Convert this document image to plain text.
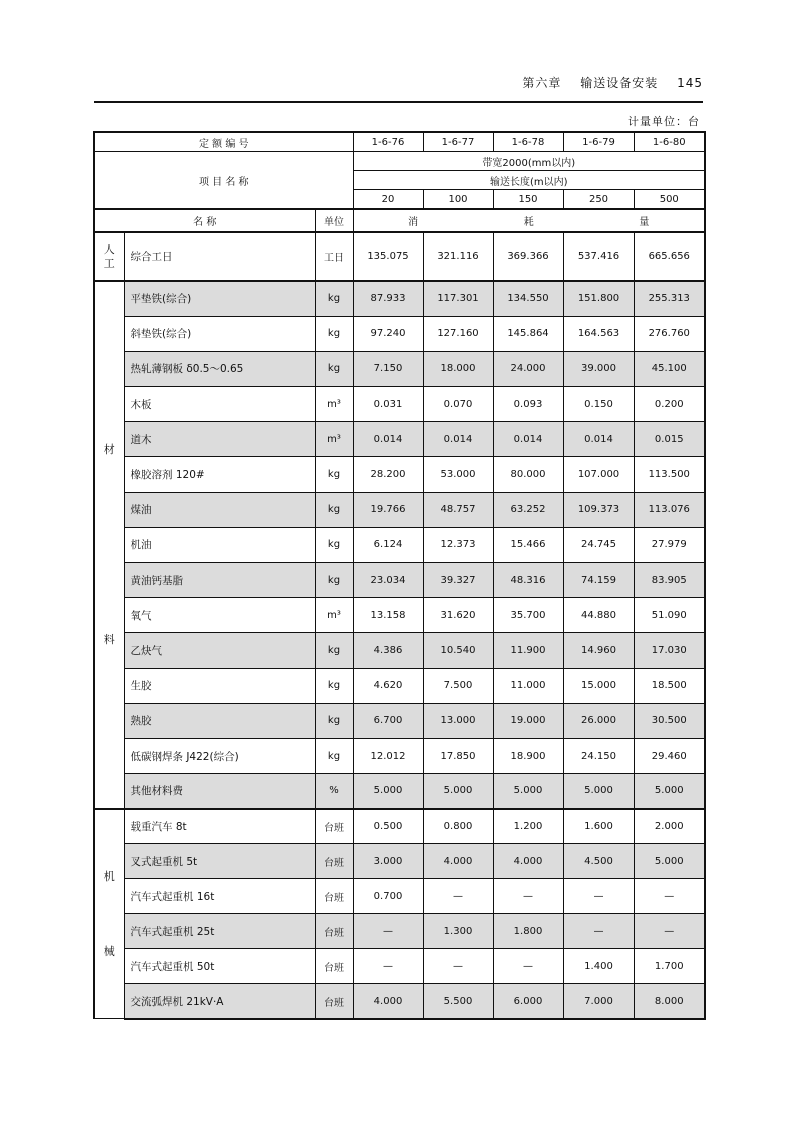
第六章 输送设备安装 145
计量单位：台
定 额 编 号			1-6-76	1-6-77	1-6-78	1-6-79	1-6-80
项 目 名 称			带宽2000(mm以内)				
			输送长度(m以内)				
			20	100	150	250	500
名 称		单位	消 耗 量				
人工	综合工日	工日	135.075	321.116	369.366	537.416	665.656

材
料	平垫铁(综合)	kg	87.933	117.301	134.550	151.800	255.313
	斜垫铁(综合)	kg	97.240	127.160	145.864	164.563	276.760
	热轧薄钢板 δ0.5～0.65	kg	7.150	18.000	24.000	39.000	45.100
	木板	m³	0.031	0.070	0.093	0.150	0.200
	道木	m³	0.014	0.014	0.014	0.014	0.015
	橡胶溶剂 120#	kg	28.200	53.000	80.000	107.000	113.500
	煤油	kg	19.766	48.757	63.252	109.373	113.076
	机油	kg	6.124	12.373	15.466	24.745	27.979
	黄油钙基脂	kg	23.034	39.327	48.316	74.159	83.905
	氧气	m³	13.158	31.620	35.700	44.880	51.090
	乙炔气	kg	4.386	10.540	11.900	14.960	17.030
	生胶	kg	4.620	7.500	11.000	15.000	18.500
	熟胶	kg	6.700	13.000	19.000	26.000	30.500
	低碳钢焊条 J422(综合)	kg	12.012	17.850	18.900	24.150	29.460
	其他材料费	%	5.000	5.000	5.000	5.000	5.000

机
械	载重汽车 8t	台班	0.500	0.800	1.200	1.600	2.000
	叉式起重机 5t	台班	3.000	4.000	4.000	4.500	5.000
	汽车式起重机 16t	台班	0.700	—	—	—	—
	汽车式起重机 25t	台班	—	1.300	1.800	—	—
	汽车式起重机 50t	台班	—	—	—	1.400	1.700
	交流弧焊机 21kV·A	台班	4.000	5.500	6.000	7.000	8.000
